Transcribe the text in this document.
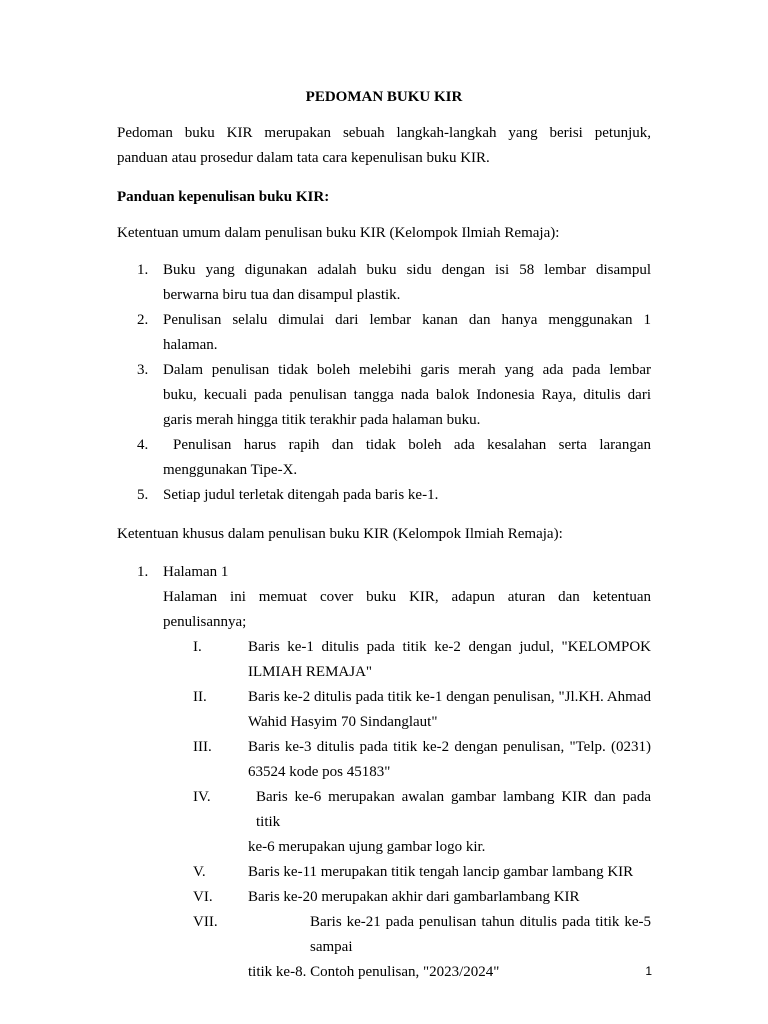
PEDOMAN BUKU KIR

Pedoman buku KIR merupakan sebuah langkah-langkah yang berisi petunjuk,
panduan atau prosedur dalam tata cara kepenulisan buku KIR.

Panduan kepenulisan buku KIR:

Ketentuan umum dalam penulisan buku KIR (Kelompok Ilmiah Remaja):

1. Buku yang digunakan adalah buku sidu dengan isi 58 lembar disampul
berwarna biru tua dan disampul plastik.
2. Penulisan selalu dimulai dari lembar kanan dan hanya menggunakan 1
halaman.
3. Dalam penulisan tidak boleh melebihi garis merah yang ada pada lembar
buku, kecuali pada penulisan tangga nada balok Indonesia Raya, ditulis dari
garis merah hingga titik terakhir pada halaman buku.
4.	Penulisan harus rapih dan tidak boleh ada kesalahan serta larangan
menggunakan Tipe-X.
5. Setiap judul terletak ditengah pada baris ke-1.

Ketentuan khusus dalam penulisan buku KIR (Kelompok Ilmiah Remaja):

1. Halaman 1
Halaman ini memuat cover buku KIR, adapun aturan dan ketentuan
penulisannya;
I.	Baris ke-1 ditulis pada titik ke-2 dengan judul, "KELOMPOK
ILMIAH REMAJA"
II.	Baris ke-2 ditulis pada titik ke-1 dengan penulisan, "Jl.KH. Ahmad
Wahid Hasyim 70 Sindanglaut"
III.	Baris ke-3 ditulis pada titik ke-2 dengan penulisan, "Telp. (0231)
63524 kode pos 45183"
IV.	Baris ke-6 merupakan awalan gambar lambang KIR dan pada titik
ke-6 merupakan ujung gambar logo kir.
V.	Baris ke-11 merupakan titik tengah lancip gambar lambang KIR
VI.	Baris ke-20 merupakan akhir dari gambarlambang KIR
VII.	Baris ke-21 pada penulisan tahun ditulis pada titik ke-5 sampai
titik ke-8. Contoh penulisan, "2023/2024"	1
